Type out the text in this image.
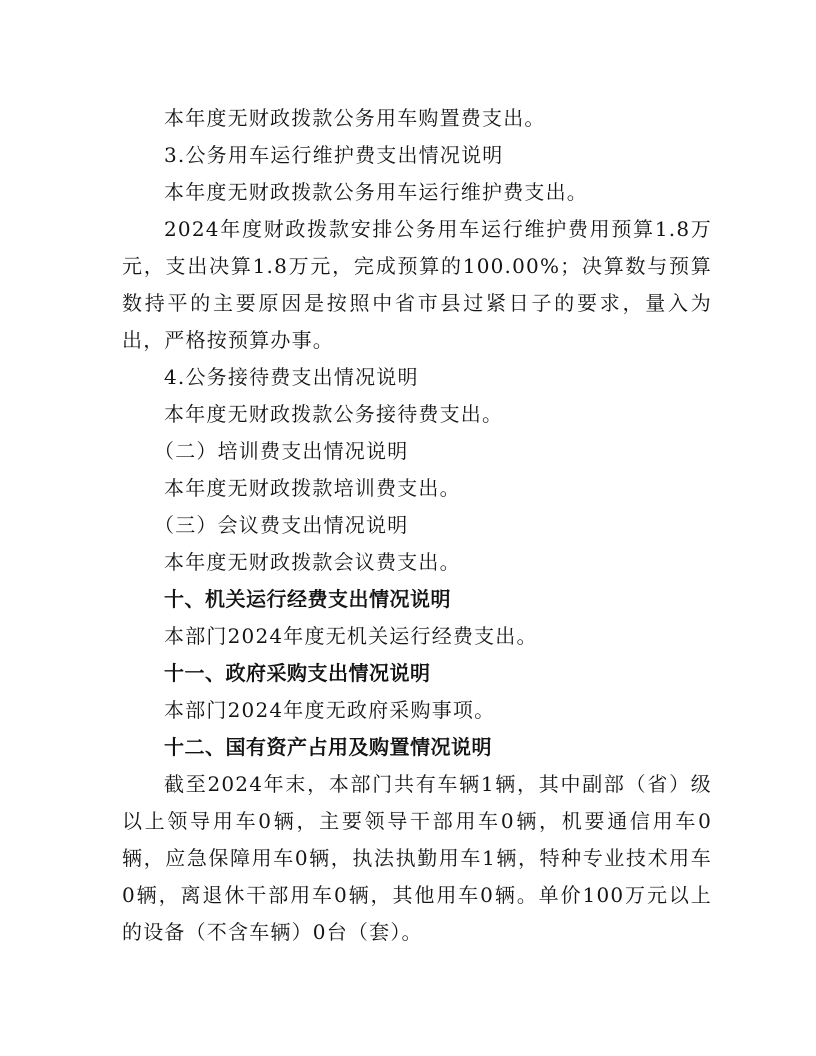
本年度无财政拨款公务用车购置费支出。

3.公务用车运行维护费支出情况说明

本年度无财政拨款公务用车运行维护费支出。

2024年度财政拨款安排公务用车运行维护费用预算1.8万元，支出决算1.8万元，完成预算的100.00%；决算数与预算数持平的主要原因是按照中省市县过紧日子的要求，量入为出，严格按预算办事。

4.公务接待费支出情况说明

本年度无财政拨款公务接待费支出。

（二）培训费支出情况说明

本年度无财政拨款培训费支出。

（三）会议费支出情况说明

本年度无财政拨款会议费支出。

十、机关运行经费支出情况说明

本部门2024年度无机关运行经费支出。

十一、政府采购支出情况说明

本部门2024年度无政府采购事项。

十二、国有资产占用及购置情况说明

截至2024年末，本部门共有车辆1辆，其中副部（省）级以上领导用车0辆，主要领导干部用车0辆，机要通信用车0辆，应急保障用车0辆，执法执勤用车1辆，特种专业技术用车0辆，离退休干部用车0辆，其他用车0辆。单价100万元以上的设备（不含车辆）0台（套）。
